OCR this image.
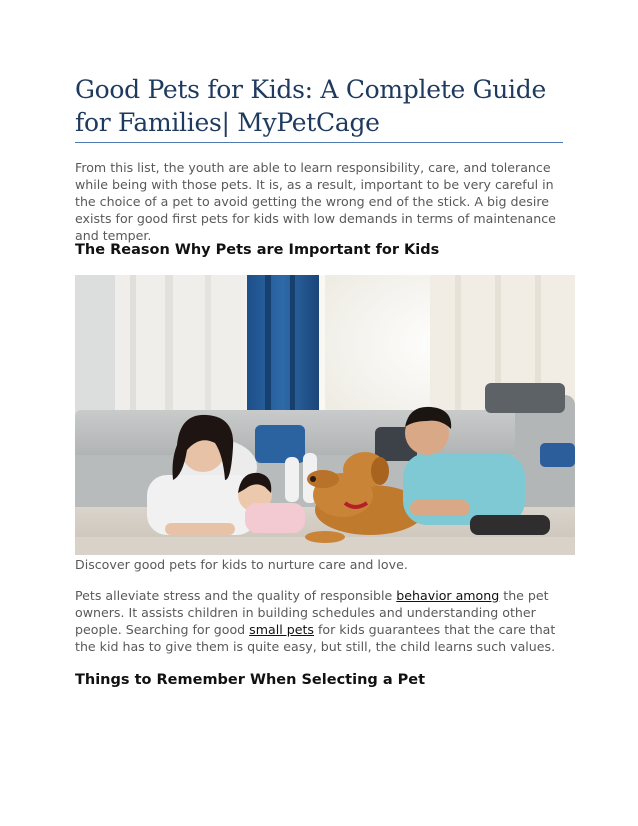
Good Pets for Kids: A Complete Guide for Families| MyPetCage

From this list, the youth are able to learn responsibility, care, and tolerance while being with those pets. It is, as a result, important to be very careful in the choice of a pet to avoid getting the wrong end of the stick. A big desire exists for good first pets for kids with low demands in terms of maintenance and temper.

The Reason Why Pets are Important for Kids

Discover good pets for kids to nurture care and love.

Pets alleviate stress and the quality of responsible behavior among the pet owners. It assists children in building schedules and understanding other people. Searching for good small pets for kids guarantees that the care that the kid has to give them is quite easy, but still, the child learns such values.

Things to Remember When Selecting a Pet
